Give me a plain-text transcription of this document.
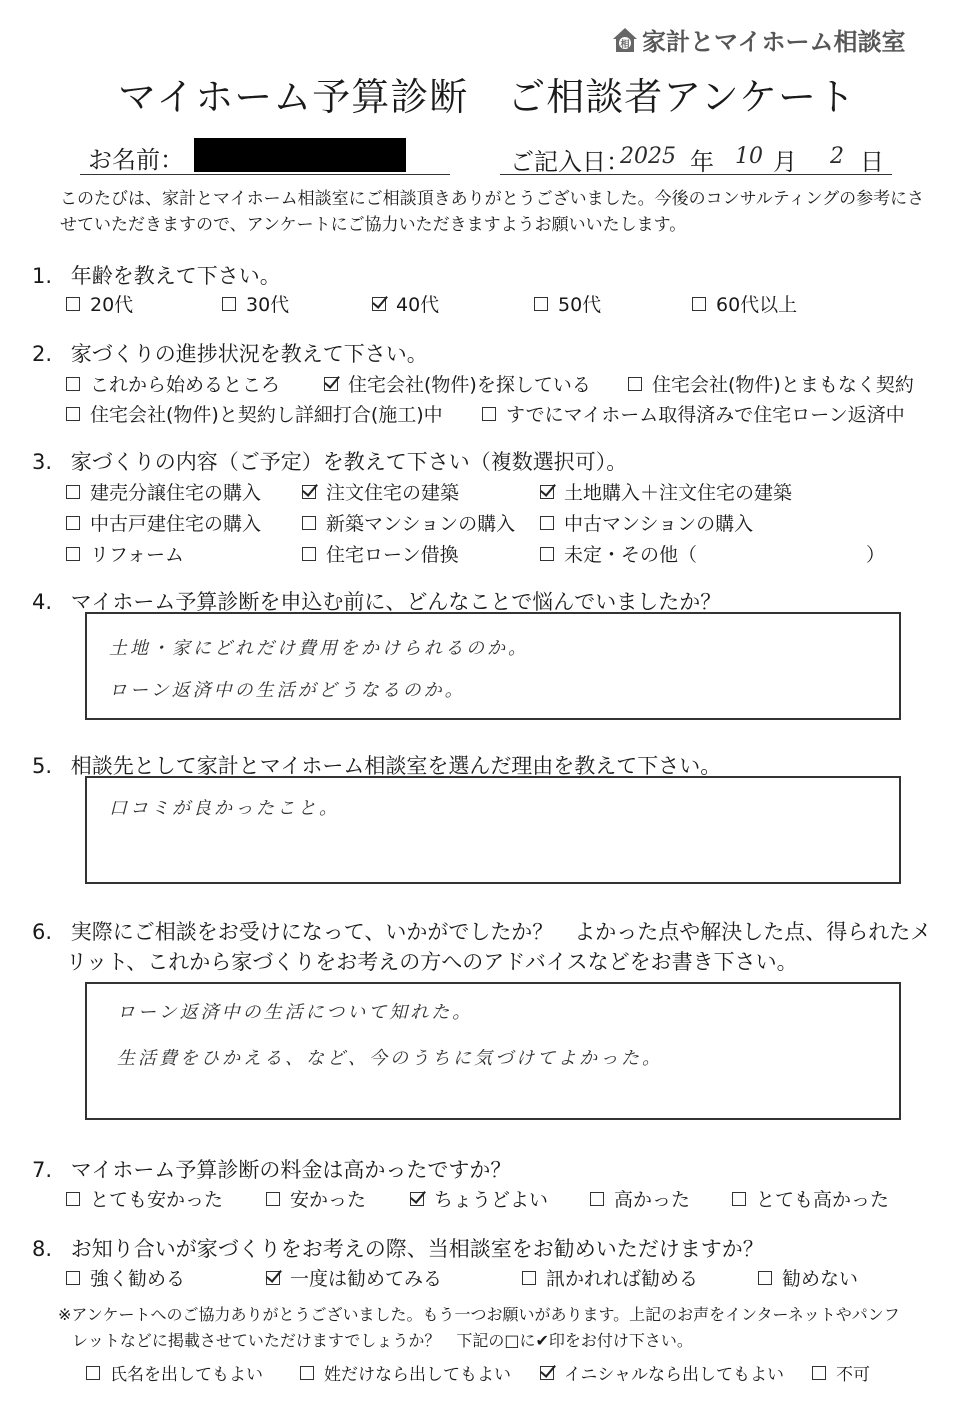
相 家計とマイホーム相談室
マイホーム予算診断　ご相談者アンケート
お名前：	ご記入日：
2025 年 10 月 2 日
このたびは、家計とマイホーム相談室にご相談頂きありがとうございました。今後のコンサルティングの参考にさせていただきますので、アンケートにご協力いただきますようお願いいたします。
1. 年齢を教えて下さい。
20代	30代	40代	50代	60代以上
2. 家づくりの進捗状況を教えて下さい。
これから始めるところ	住宅会社(物件)を探している	住宅会社(物件)とまもなく契約
住宅会社(物件)と契約し詳細打合(施工)中	すでにマイホーム取得済みで住宅ローン返済中
3. 家づくりの内容（ご予定）を教えて下さい（複数選択可）。
建売分譲住宅の購入	注文住宅の建築	土地購入＋注文住宅の建築
中古戸建住宅の購入	新築マンションの購入	中古マンションの購入
リフォーム	住宅ローン借換	未定・その他（	）
4. マイホーム予算診断を申込む前に、どんなことで悩んでいましたか？
土地・家にどれだけ費用をかけられるのか。
ローン返済中の生活がどうなるのか。
5. 相談先として家計とマイホーム相談室を選んだ理由を教えて下さい。
口コミが良かったこと。
6. 実際にご相談をお受けになって、いかがでしたか？　よかった点や解決した点、得られたメ
リット、これから家づくりをお考えの方へのアドバイスなどをお書き下さい。
ローン返済中の生活について知れた。
生活費をひかえる、など、今のうちに気づけてよかった。
7. マイホーム予算診断の料金は高かったですか？
とても安かった	安かった	ちょうどよい	高かった	とても高かった
8. お知り合いが家づくりをお考えの際、当相談室をお勧めいただけますか？
強く勧める	一度は勧めてみる	訊かれれば勧める	勧めない
※アンケートへのご協力ありがとうございました。もう一つお願いがあります。上記のお声をインターネットやパンフ
レットなどに掲載させていただけますでしょうか？　下記の□に✔印をお付け下さい。
氏名を出してもよい	姓だけなら出してもよい	イニシャルなら出してもよい	不可
